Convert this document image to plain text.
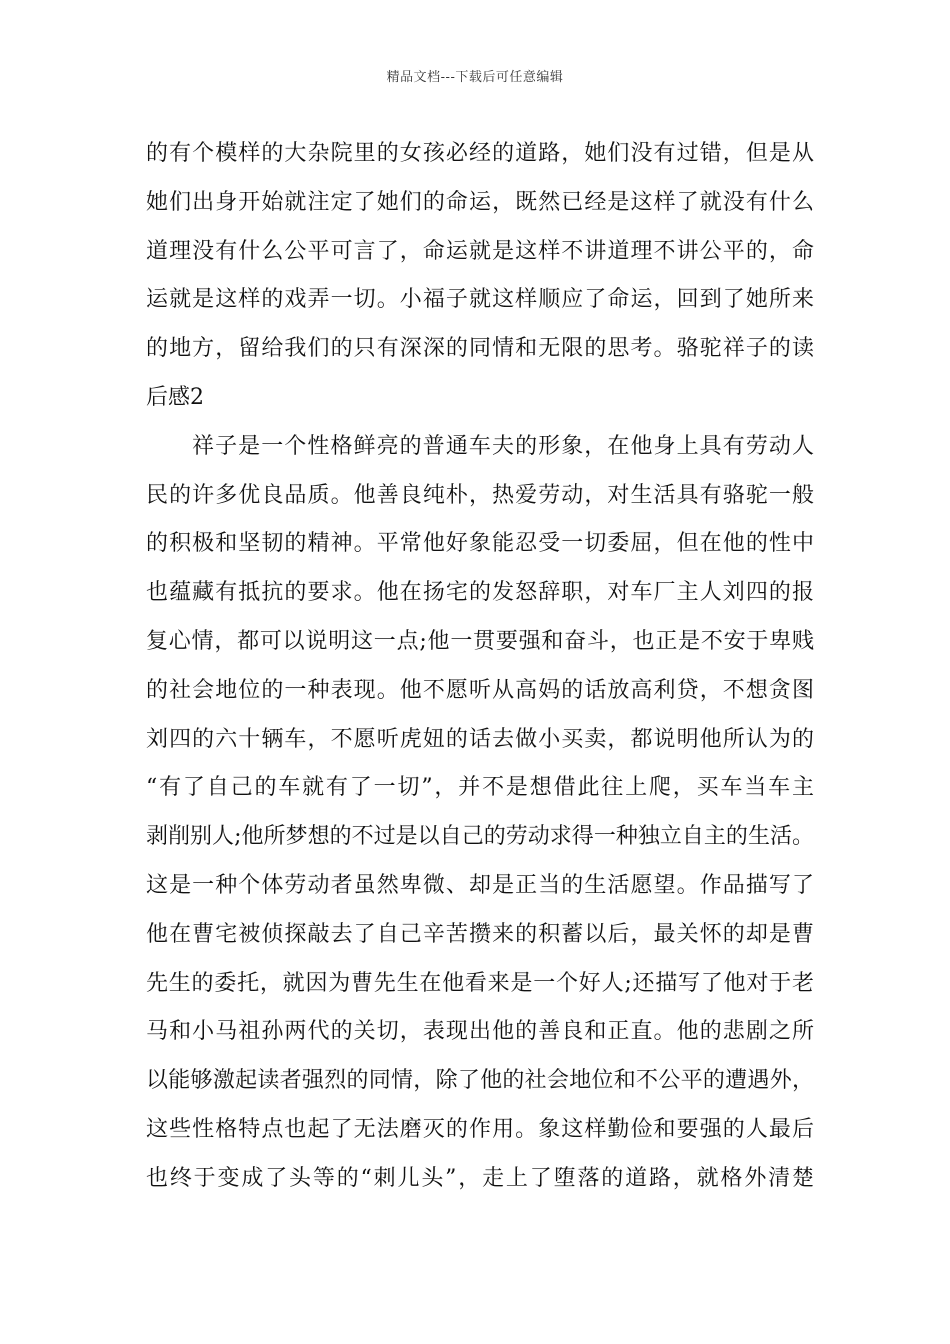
精品文档---下载后可任意编辑
的有个模样的大杂院里的女孩必经的道路，她们没有过错，但是从
她们出身开始就注定了她们的命运，既然已经是这样了就没有什么
道理没有什么公平可言了，命运就是这样不讲道理不讲公平的，命
运就是这样的戏弄一切。小福子就这样顺应了命运，回到了她所来
的地方，留给我们的只有深深的同情和无限的思考。骆驼祥子的读
后感2
祥子是一个性格鲜亮的普通车夫的形象，在他身上具有劳动人
民的许多优良品质。他善良纯朴，热爱劳动，对生活具有骆驼一般
的积极和坚韧的精神。平常他好象能忍受一切委屈，但在他的性中
也蕴藏有抵抗的要求。他在扬宅的发怒辞职，对车厂主人刘四的报
复心情，都可以说明这一点;他一贯要强和奋斗，也正是不安于卑贱
的社会地位的一种表现。他不愿听从高妈的话放高利贷，不想贪图
刘四的六十辆车，不愿听虎妞的话去做小买卖，都说明他所认为的
“有了自己的车就有了一切”，并不是想借此往上爬，买车当车主
剥削别人;他所梦想的不过是以自己的劳动求得一种独立自主的生活。
这是一种个体劳动者虽然卑微、却是正当的生活愿望。作品描写了
他在曹宅被侦探敲去了自己辛苦攒来的积蓄以后，最关怀的却是曹
先生的委托，就因为曹先生在他看来是一个好人;还描写了他对于老
马和小马祖孙两代的关切，表现出他的善良和正直。他的悲剧之所
以能够激起读者强烈的同情，除了他的社会地位和不公平的遭遇外，
这些性格特点也起了无法磨灭的作用。象这样勤俭和要强的人最后
也终于变成了头等的“刺儿头”，走上了堕落的道路，就格外清楚
